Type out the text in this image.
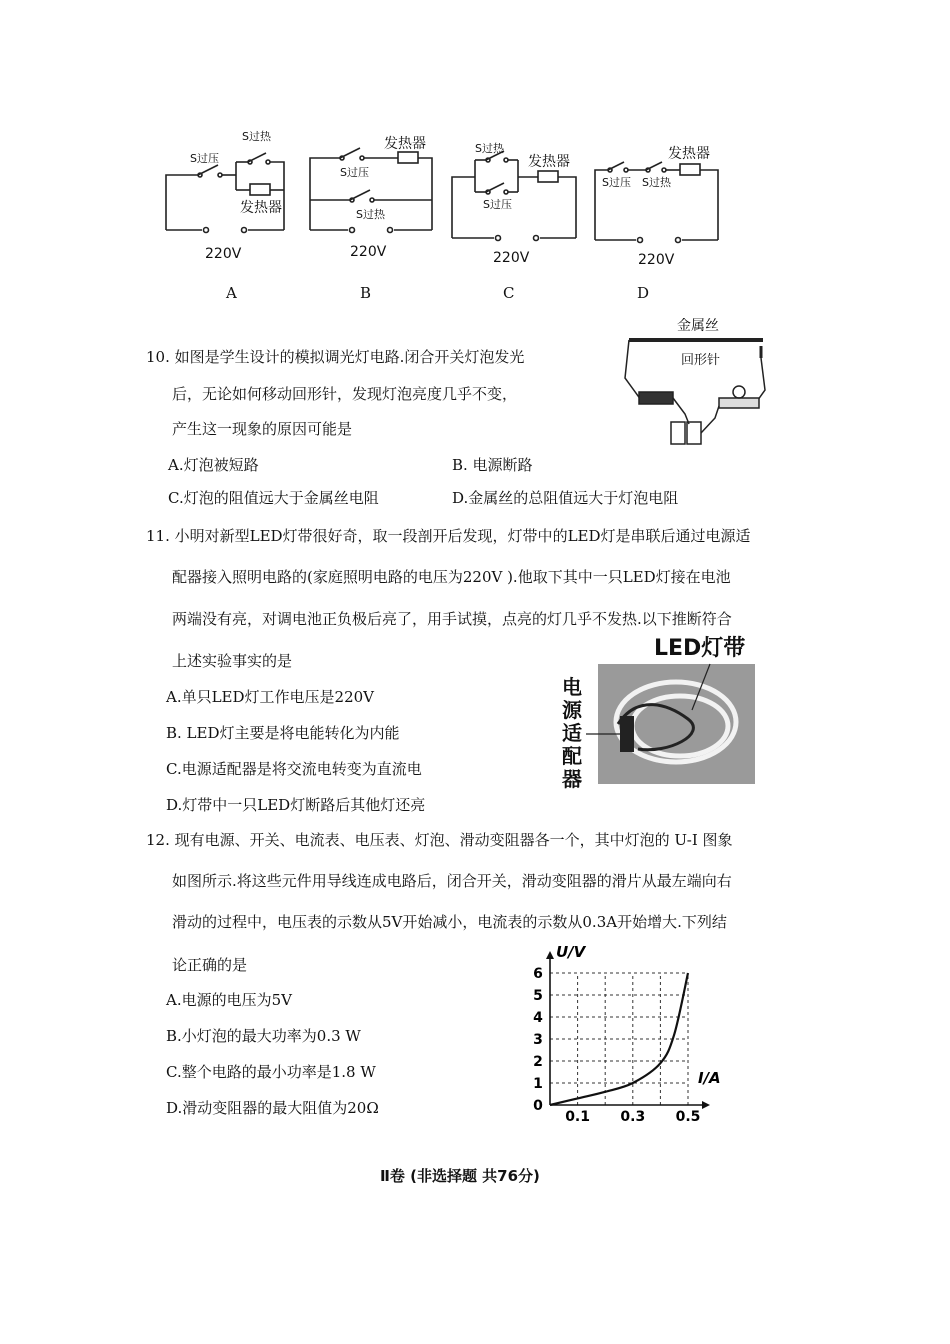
S过压
S过热
发热器
220V
发热器
S过压
S过热
220V
S过热
发热器
S过压
220V
发热器
S过压 S过热
220V
A	B	C	D
10. 如图是学生设计的模拟调光灯电路.闭合开关灯泡发光
后，无论如何移动回形针，发现灯泡亮度几乎不变，
产生这一现象的原因可能是
A.灯泡被短路	B. 电源断路
C.灯泡的阻值远大于金属丝电阻	D.金属丝的总阻值远大于灯泡电阻
金属丝
回形针
11. 小明对新型LED灯带很好奇，取一段剖开后发现，灯带中的LED灯是串联后通过电源适
配器接入照明电路的(家庭照明电路的电压为220V ).他取下其中一只LED灯接在电池
两端没有亮，对调电池正负极后亮了，用手试摸，点亮的灯几乎不发热.以下推断符合
上述实验事实的是
A.单只LED灯工作电压是220V
B. LED灯主要是将电能转化为内能
C.电源适配器是将交流电转变为直流电
D.灯带中一只LED灯断路后其他灯还亮
LED灯带
电
源
适
配
器
12. 现有电源、开关、电流表、电压表、灯泡、滑动变阻器各一个，其中灯泡的 U-I 图象
如图所示.将这些元件用导线连成电路后，闭合开关，滑动变阻器的滑片从最左端向右
滑动的过程中，电压表的示数从5V开始减小，电流表的示数从0.3A开始增大.下列结
论正确的是
A.电源的电压为5V
B.小灯泡的最大功率为0.3 W
C.整个电路的最小功率是1.8 W
D.滑动变阻器的最大阻值为20Ω	0
1
2
3
4
5
6
0.1 0.3 0.5
U/V
I/A
Ⅱ卷 (非选择题 共76分)
